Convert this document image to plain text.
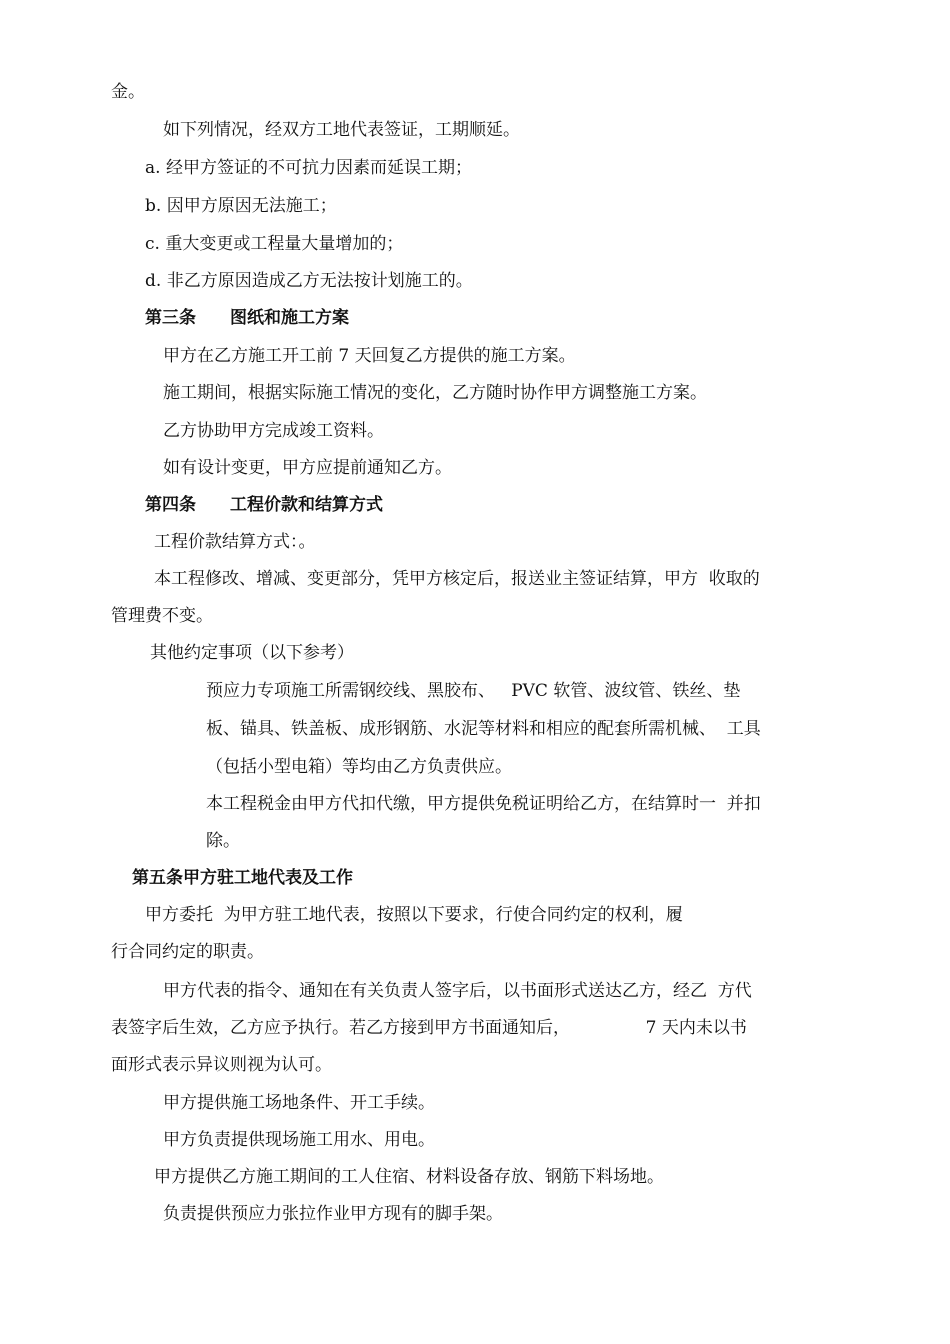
金。
如下列情况，经双方工地代表签证，工期顺延。
a. 经甲方签证的不可抗力因素而延误工期；
b. 因甲方原因无法施工；
c. 重大变更或工程量大量增加的；
d. 非乙方原因造成乙方无法按计划施工的。
第三条　　图纸和施工方案
甲方在乙方施工开工前 7 天回复乙方提供的施工方案。
施工期间，根据实际施工情况的变化，乙方随时协作甲方调整施工方案。
乙方协助甲方完成竣工资料。
如有设计变更，甲方应提前通知乙方。
第四条　　工程价款和结算方式
工程价款结算方式：。
本工程修改、增减、变更部分，凭甲方核定后，报送业主签证结算，甲方  收取的
管理费不变。
其他约定事项（以下参考）
预应力专项施工所需钢绞线、黑胶布、   PVC 软管、波纹管、铁丝、垫
板、锚具、铁盖板、成形钢筋、水泥等材料和相应的配套所需机械、  工具
（包括小型电箱）等均由乙方负责供应。
本工程税金由甲方代扣代缴，甲方提供免税证明给乙方，在结算时一  并扣
除。
第五条甲方驻工地代表及工作
甲方委托  为甲方驻工地代表，按照以下要求，行使合同约定的权利，履
行合同约定的职责。
甲方代表的指令、通知在有关负责人签字后，以书面形式送达乙方，经乙  方代
表签字后生效，乙方应予执行。若乙方接到甲方书面通知后，              7 天内未以书
面形式表示异议则视为认可。
甲方提供施工场地条件、开工手续。
甲方负责提供现场施工用水、用电。
甲方提供乙方施工期间的工人住宿、材料设备存放、钢筋下料场地。
负责提供预应力张拉作业甲方现有的脚手架。
